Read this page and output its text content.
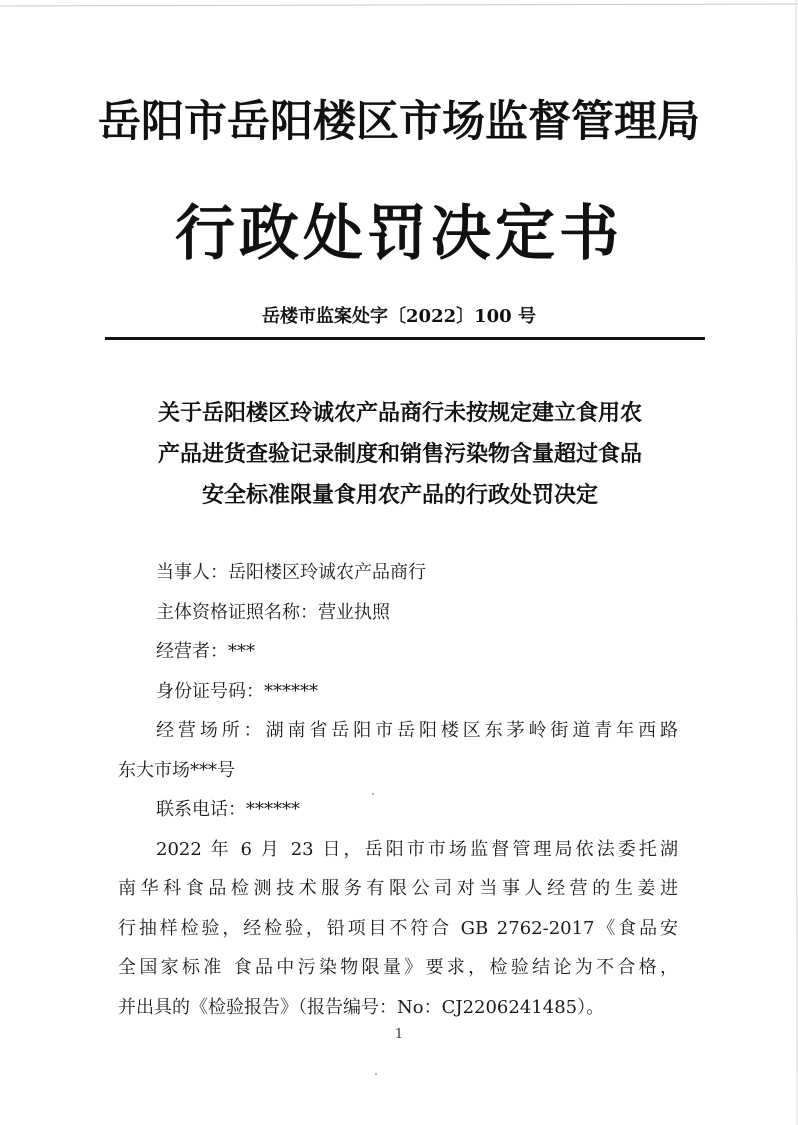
岳阳市岳阳楼区市场监督管理局
行政处罚决定书
岳楼市监案处字〔2022〕100 号
关于岳阳楼区玲诚农产品商行未按规定建立食用农
产品进货查验记录制度和销售污染物含量超过食品
安全标准限量食用农产品的行政处罚决定
当事人：岳阳楼区玲诚农产品商行
主体资格证照名称：营业执照
经营者：***
身份证号码：******
经营场所：湖南省岳阳市岳阳楼区东茅岭街道青年西路
东大市场***号
联系电话：******
2022 年 6 月 23 日，岳阳市市场监督管理局依法委托湖
南华科食品检测技术服务有限公司对当事人经营的生姜进
行抽样检验，经检验，铅项目不符合 GB 2762-2017《食品安
全国家标准 食品中污染物限量》要求，检验结论为不合格，
并出具的《检验报告》（报告编号：No：CJ2206241485）。
1
